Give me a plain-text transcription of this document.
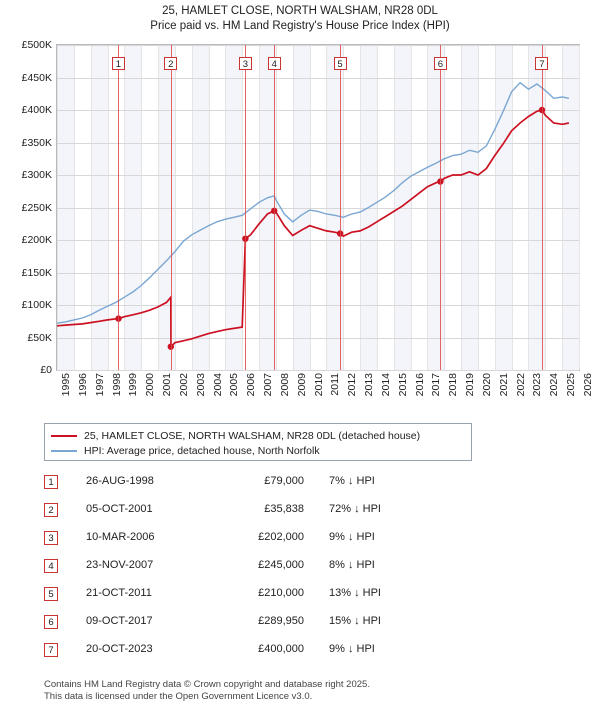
25, HAMLET CLOSE, NORTH WALSHAM, NR28 0DL
Price paid vs. HM Land Registry's House Price Index (HPI)
£0
£50K
£100K
£150K
£200K
£250K
£300K
£350K
£400K
£450K
£500K
1	2	3	4	5	6	7
1995 1996 1997 1998 1999 2000 2001 2002 2003 2004 2005 2006 2007 2008 2009 2010 2011 2012 2013 2014 2015 2016 2017 2018 2019 2020 2021 2022 2023 2024 2025 2026
25, HAMLET CLOSE, NORTH WALSHAM, NR28 0DL (detached house)
HPI: Average price, detached house, North Norfolk
1	26-AUG-1998	£79,000 7% ↓ HPI
2	05-OCT-2001	£35,838 72% ↓ HPI
3	10-MAR-2006	£202,000 9% ↓ HPI
4	23-NOV-2007	£245,000 8% ↓ HPI
5	21-OCT-2011	£210,000 13% ↓ HPI
6	09-OCT-2017	£289,950 15% ↓ HPI
7	20-OCT-2023	£400,000 9% ↓ HPI
Contains HM Land Registry data © Crown copyright and database right 2025.
This data is licensed under the Open Government Licence v3.0.
